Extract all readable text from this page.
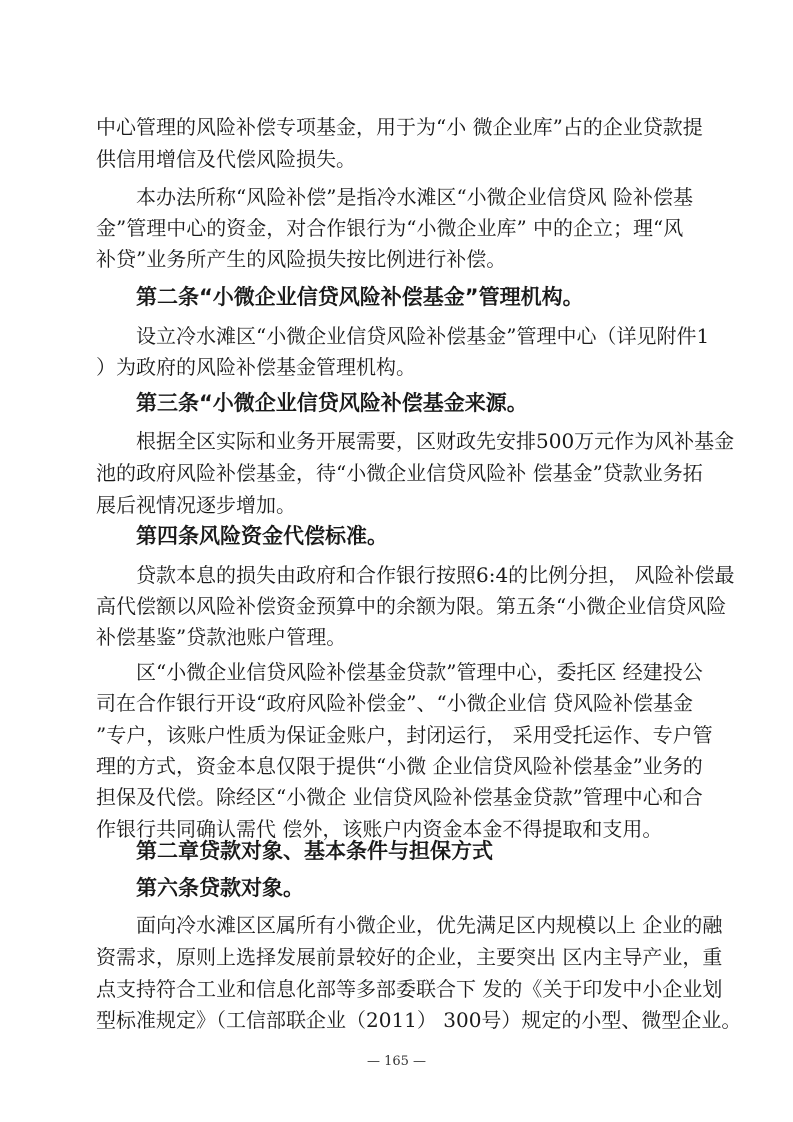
中心管理的风险补偿专项基金，用于为“小 微企业库”占的企业贷款提
供信用增信及代偿风险损失。
本办法所称“风险补偿”是指冷水滩区“小微企业信贷风 险补偿基
金”管理中心的资金，对合作银行为“小微企业库” 中的企立；理“风
补贷”业务所产生的风险损失按比例进行补偿。
第二条“小微企业信贷风险补偿基金”管理机构。
设立冷水滩区“小微企业信贷风险补偿基金”管理中心（详见附件1
）为政府的风险补偿基金管理机构。
第三条“小微企业信贷风险补偿基金来源。
根据全区实际和业务开展需要，区财政先安排500万元作为风补基金
池的政府风险补偿基金，待“小微企业信贷风险补 偿基金”贷款业务拓
展后视情况逐步增加。
第四条风险资金代偿标准。
贷款本息的损失由政府和合作银行按照6:4的比例分担， 风险补偿最
高代偿额以风险补偿资金预算中的余额为限。第五条“小微企业信贷风险
补偿基鉴”贷款池账户管理。
区“小微企业信贷风险补偿基金贷款”管理中心，委托区 经建投公
司在合作银行开设“政府风险补偿金”、“小微企业信 贷风险补偿基金
”专户，该账户性质为保证金账户，封闭运行， 采用受托运作、专户管
理的方式，资金本息仅限于提供“小微 企业信贷风险补偿基金”业务的
担保及代偿。除经区“小微企 业信贷风险补偿基金贷款”管理中心和合
作银行共同确认需代 偿外，该账户内资金本金不得提取和支用。
第二章贷款对象、基本条件与担保方式
第六条贷款对象。
面向冷水滩区区属所有小微企业，优先满足区内规模以上 企业的融
资需求，原则上选择发展前景较好的企业，主要突出 区内主导产业，重
点支持符合工业和信息化部等多部委联合下 发的《关于印发中小企业划
型标准规定》（工信部联企业（2011） 300号）规定的小型、微型企业。
— 165 —
